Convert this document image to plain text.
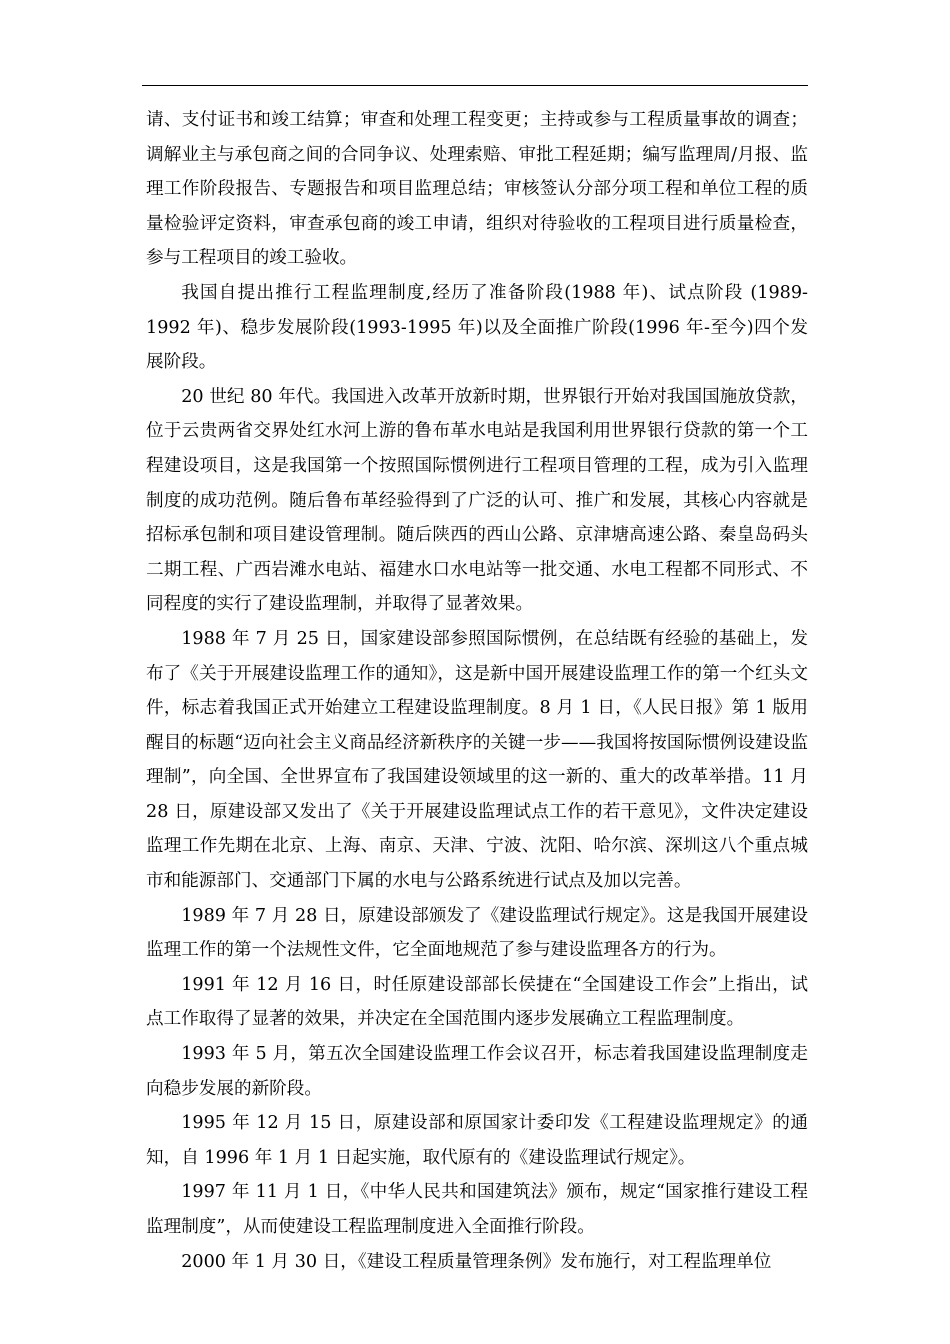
请、支付证书和竣工结算；审查和处理工程变更；主持或参与工程质量事故的调查；调解业主与承包商之间的合同争议、处理索赔、审批工程延期；编写监理周/月报、监理工作阶段报告、专题报告和项目监理总结；审核签认分部分项工程和单位工程的质量检验评定资料，审查承包商的竣工申请，组织对待验收的工程项目进行质量检查，参与工程项目的竣工验收。

我国自提出推行工程监理制度,经历了准备阶段(1988 年)、试点阶段 (1989-1992 年)、稳步发展阶段(1993-1995 年)以及全面推广阶段(1996 年-至今)四个发展阶段。

20 世纪 80 年代。我国进入改革开放新时期，世界银行开始对我国国施放贷款，位于云贵两省交界处红水河上游的鲁布革水电站是我国利用世界银行贷款的第一个工程建设项目，这是我国第一个按照国际惯例进行工程项目管理的工程，成为引入监理制度的成功范例。随后鲁布革经验得到了广泛的认可、推广和发展，其核心内容就是招标承包制和项目建设管理制。随后陕西的西山公路、京津塘高速公路、秦皇岛码头二期工程、广西岩滩水电站、福建水口水电站等一批交通、水电工程都不同形式、不同程度的实行了建设监理制，并取得了显著效果。

1988 年 7 月 25 日，国家建设部参照国际惯例，在总结既有经验的基础上，发布了《关于开展建设监理工作的通知》，这是新中国开展建设监理工作的第一个红头文件，标志着我国正式开始建立工程建设监理制度。8 月 1 日，《人民日报》第 1 版用醒目的标题“迈向社会主义商品经济新秩序的关键一步——我国将按国际惯例设建设监理制”，向全国、全世界宣布了我国建设领域里的这一新的、重大的改革举措。11 月 28 日，原建设部又发出了《关于开展建设监理试点工作的若干意见》，文件决定建设监理工作先期在北京、上海、南京、天津、宁波、沈阳、哈尔滨、深圳这八个重点城市和能源部门、交通部门下属的水电与公路系统进行试点及加以完善。

1989 年 7 月 28 日，原建设部颁发了《建设监理试行规定》。这是我国开展建设监理工作的第一个法规性文件，它全面地规范了参与建设监理各方的行为。

1991 年 12 月 16 日，时任原建设部部长侯捷在“全国建设工作会”上指出，试点工作取得了显著的效果，并决定在全国范围内逐步发展确立工程监理制度。

1993 年 5 月，第五次全国建设监理工作会议召开，标志着我国建设监理制度走向稳步发展的新阶段。

1995 年 12 月 15 日，原建设部和原国家计委印发《工程建设监理规定》的通知，自 1996 年 1 月 1 日起实施，取代原有的《建设监理试行规定》。

1997 年 11 月 1 日，《中华人民共和国建筑法》颁布，规定“国家推行建设工程监理制度”，从而使建设工程监理制度进入全面推行阶段。

2000 年 1 月 30 日，《建设工程质量管理条例》发布施行，对工程监理单位
